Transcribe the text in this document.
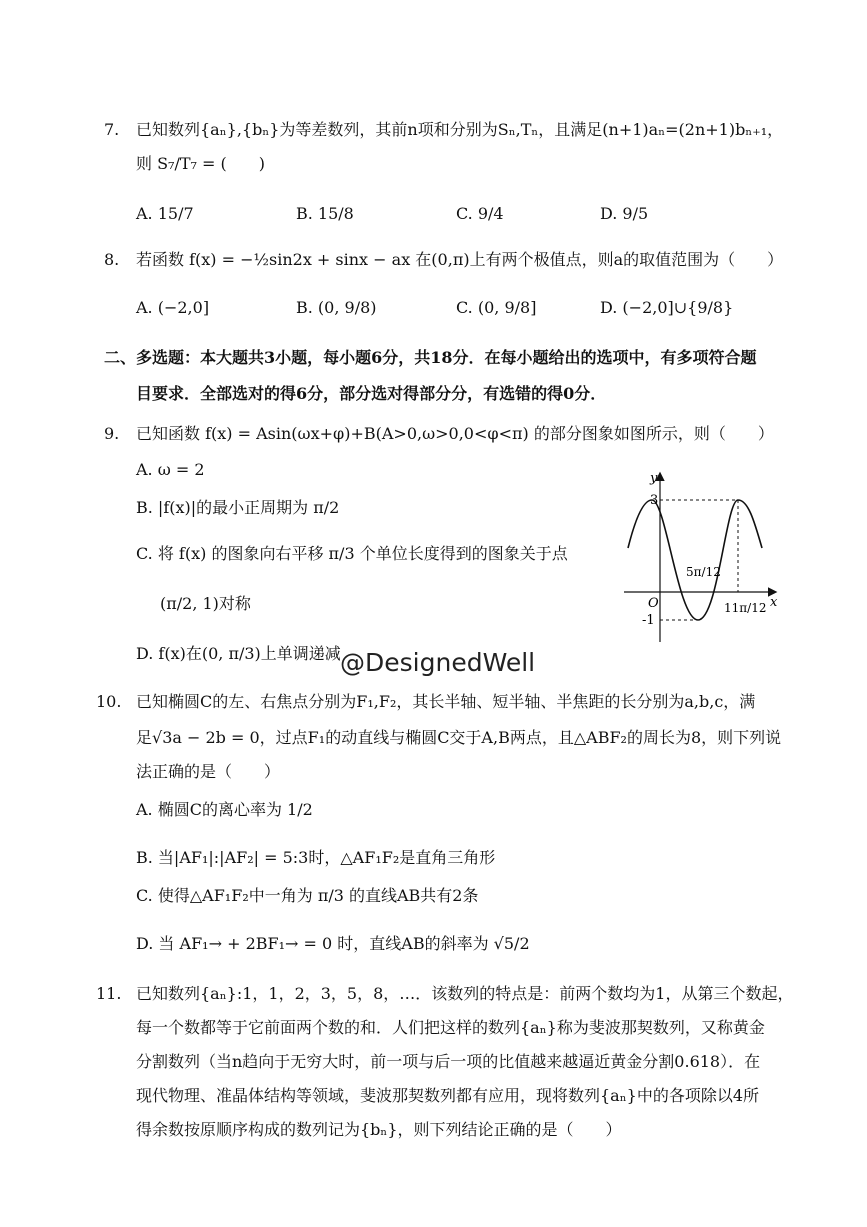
7. 已知数列{aₙ},{bₙ}为等差数列，其前n项和分别为Sₙ,Tₙ，且满足(n+1)aₙ=(2n+1)bₙ₊₁，
则 S₇/T₇ = (　　)
A. 15/7	B. 15/8	C. 9/4	D. 9/5
8. 若函数 f(x) = −½sin2x + sinx − ax 在(0,π)上有两个极值点，则a的取值范围为（　　）
A. (−2,0]	B. (0, 9/8)	C. (0, 9/8]	D. (−2,0]∪{9/8}
二、多选题：本大题共3小题，每小题6分，共18分．在每小题给出的选项中，有多项符合题
目要求．全部选对的得6分，部分选对得部分分，有选错的得0分．
9. 已知函数 f(x) = Asin(ωx+φ)+B(A>0,ω>0,0<φ<π) 的部分图象如图所示，则（　　）
A. ω = 2
B. |f(x)|的最小正周期为 π/2
C. 将 f(x) 的图象向右平移 π/3 个单位长度得到的图象关于点
(π/2, 1)对称
D. f(x)在(0, π/3)上单调递减
y
x
O
3
-1
5π/12
11π/12
@DesignedWell
10. 已知椭圆C的左、右焦点分别为F₁,F₂，其长半轴、短半轴、半焦距的长分别为a,b,c，满
足√3a − 2b = 0，过点F₁的动直线与椭圆C交于A,B两点，且△ABF₂的周长为8，则下列说
法正确的是（　　）
A. 椭圆C的离心率为 1/2
B. 当|AF₁|:|AF₂| = 5:3时，△AF₁F₂是直角三角形
C. 使得△AF₁F₂中一角为 π/3 的直线AB共有2条
D. 当 AF₁→ + 2BF₁→ = 0 时，直线AB的斜率为 √5/2
11. 已知数列{aₙ}:1，1，2，3，5，8，…．该数列的特点是：前两个数均为1，从第三个数起，
每一个数都等于它前面两个数的和．人们把这样的数列{aₙ}称为斐波那契数列，又称黄金
分割数列（当n趋向于无穷大时，前一项与后一项的比值越来越逼近黄金分割0.618）．在
现代物理、准晶体结构等领域，斐波那契数列都有应用，现将数列{aₙ}中的各项除以4所
得余数按原顺序构成的数列记为{bₙ}，则下列结论正确的是（　　）
